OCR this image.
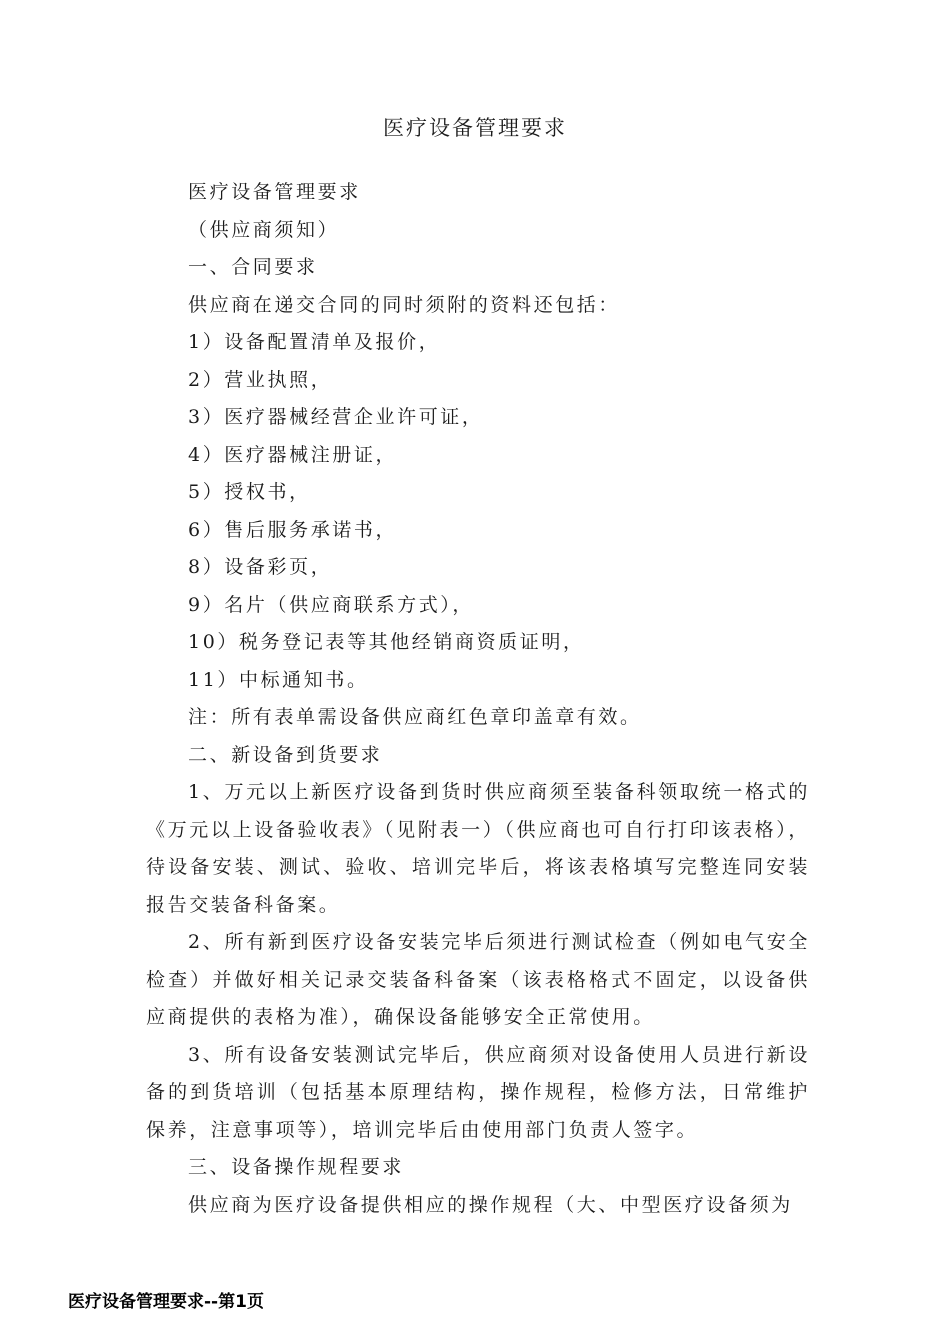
医疗设备管理要求
医疗设备管理要求
（供应商须知）
一、合同要求
供应商在递交合同的同时须附的资料还包括：
1）设备配置清单及报价，
2）营业执照，
3）医疗器械经营企业许可证，
4）医疗器械注册证，
5）授权书，
6）售后服务承诺书，
8）设备彩页，
9）名片（供应商联系方式），
10）税务登记表等其他经销商资质证明，
11）中标通知书。
注：所有表单需设备供应商红色章印盖章有效。
二、新设备到货要求

1、万元以上新医疗设备到货时供应商须至装备科领取统一格式的《万元以上设备验收表》（见附表一）（供应商也可自行打印该表格），待设备安装、测试、验收、培训完毕后，将该表格填写完整连同安装报告交装备科备案。

2、所有新到医疗设备安装完毕后须进行测试检查（例如电气安全检查）并做好相关记录交装备科备案（该表格格式不固定，以设备供应商提供的表格为准），确保设备能够安全正常使用。

3、所有设备安装测试完毕后，供应商须对设备使用人员进行新设备的到货培训（包括基本原理结构，操作规程，检修方法，日常维护保养，注意事项等），培训完毕后由使用部门负责人签字。

三、设备操作规程要求
供应商为医疗设备提供相应的操作规程（大、中型医疗设备须为
医疗设备管理要求--第1页
